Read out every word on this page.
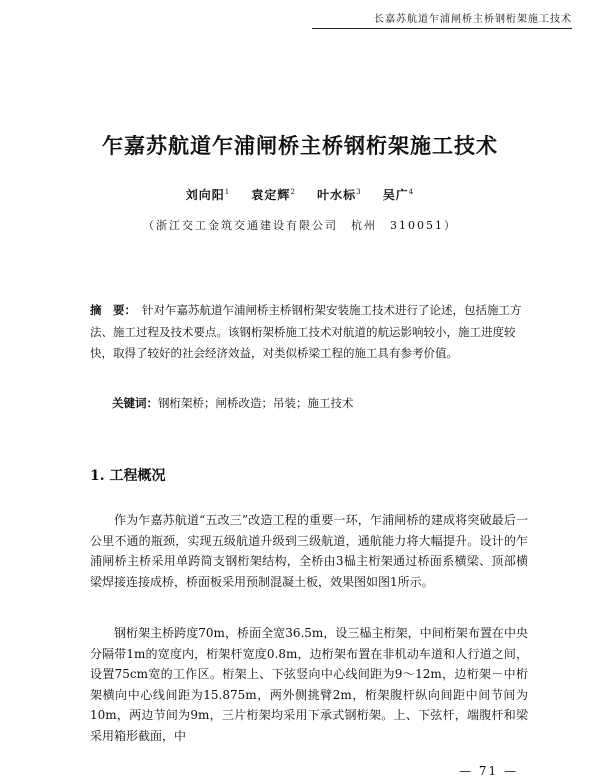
长嘉苏航道乍浦闸桥主桥钢桁架施工技术
乍嘉苏航道乍浦闸桥主桥钢桁架施工技术
刘向阳$^1$ 袁定辉$^2$ 叶水标$^3$ 吴广$^4$
（浙江交工金筑交通建设有限公司　杭州　310051）

摘　要： 针对乍嘉苏航道乍浦闸桥主桥钢桁架安装施工技术进行了论述，包括施工方法、施工过程及技术要点。该钢桁架桥施工技术对航道的航运影响较小，施工进度较快，取得了较好的社会经济效益，对类似桥梁工程的施工具有参考价值。

关键词：钢桁架桥；闸桥改造；吊装；施工技术

1. 工程概况

作为乍嘉苏航道“五改三”改造工程的重要一环，乍浦闸桥的建成将突破最后一公里不通的瓶颈，实现五级航道升级到三级航道，通航能力将大幅提升。设计的乍浦闸桥主桥采用单跨简支钢桁架结构，全桥由3榀主桁架通过桥面系横梁、顶部横梁焊接连接成桥，桥面板采用预制混凝土板，效果图如图1所示。

钢桁架主桥跨度70m，桥面全宽36.5m，设三榀主桁架，中间桁架布置在中央分隔带1m的宽度内，桁架杆宽度0.8m，边桁架布置在非机动车道和人行道之间，设置75cm宽的工作区。桁架上、下弦竖向中心线间距为9～12m，边桁架－中桁架横向中心线间距为15.875m，两外侧挑臂2m，桁架腹杆纵向间距中间节间为10m，两边节间为9m，三片桁架均采用下承式钢桁架。上、下弦杆，端腹杆和梁采用箱形截面，中

— 71 —
